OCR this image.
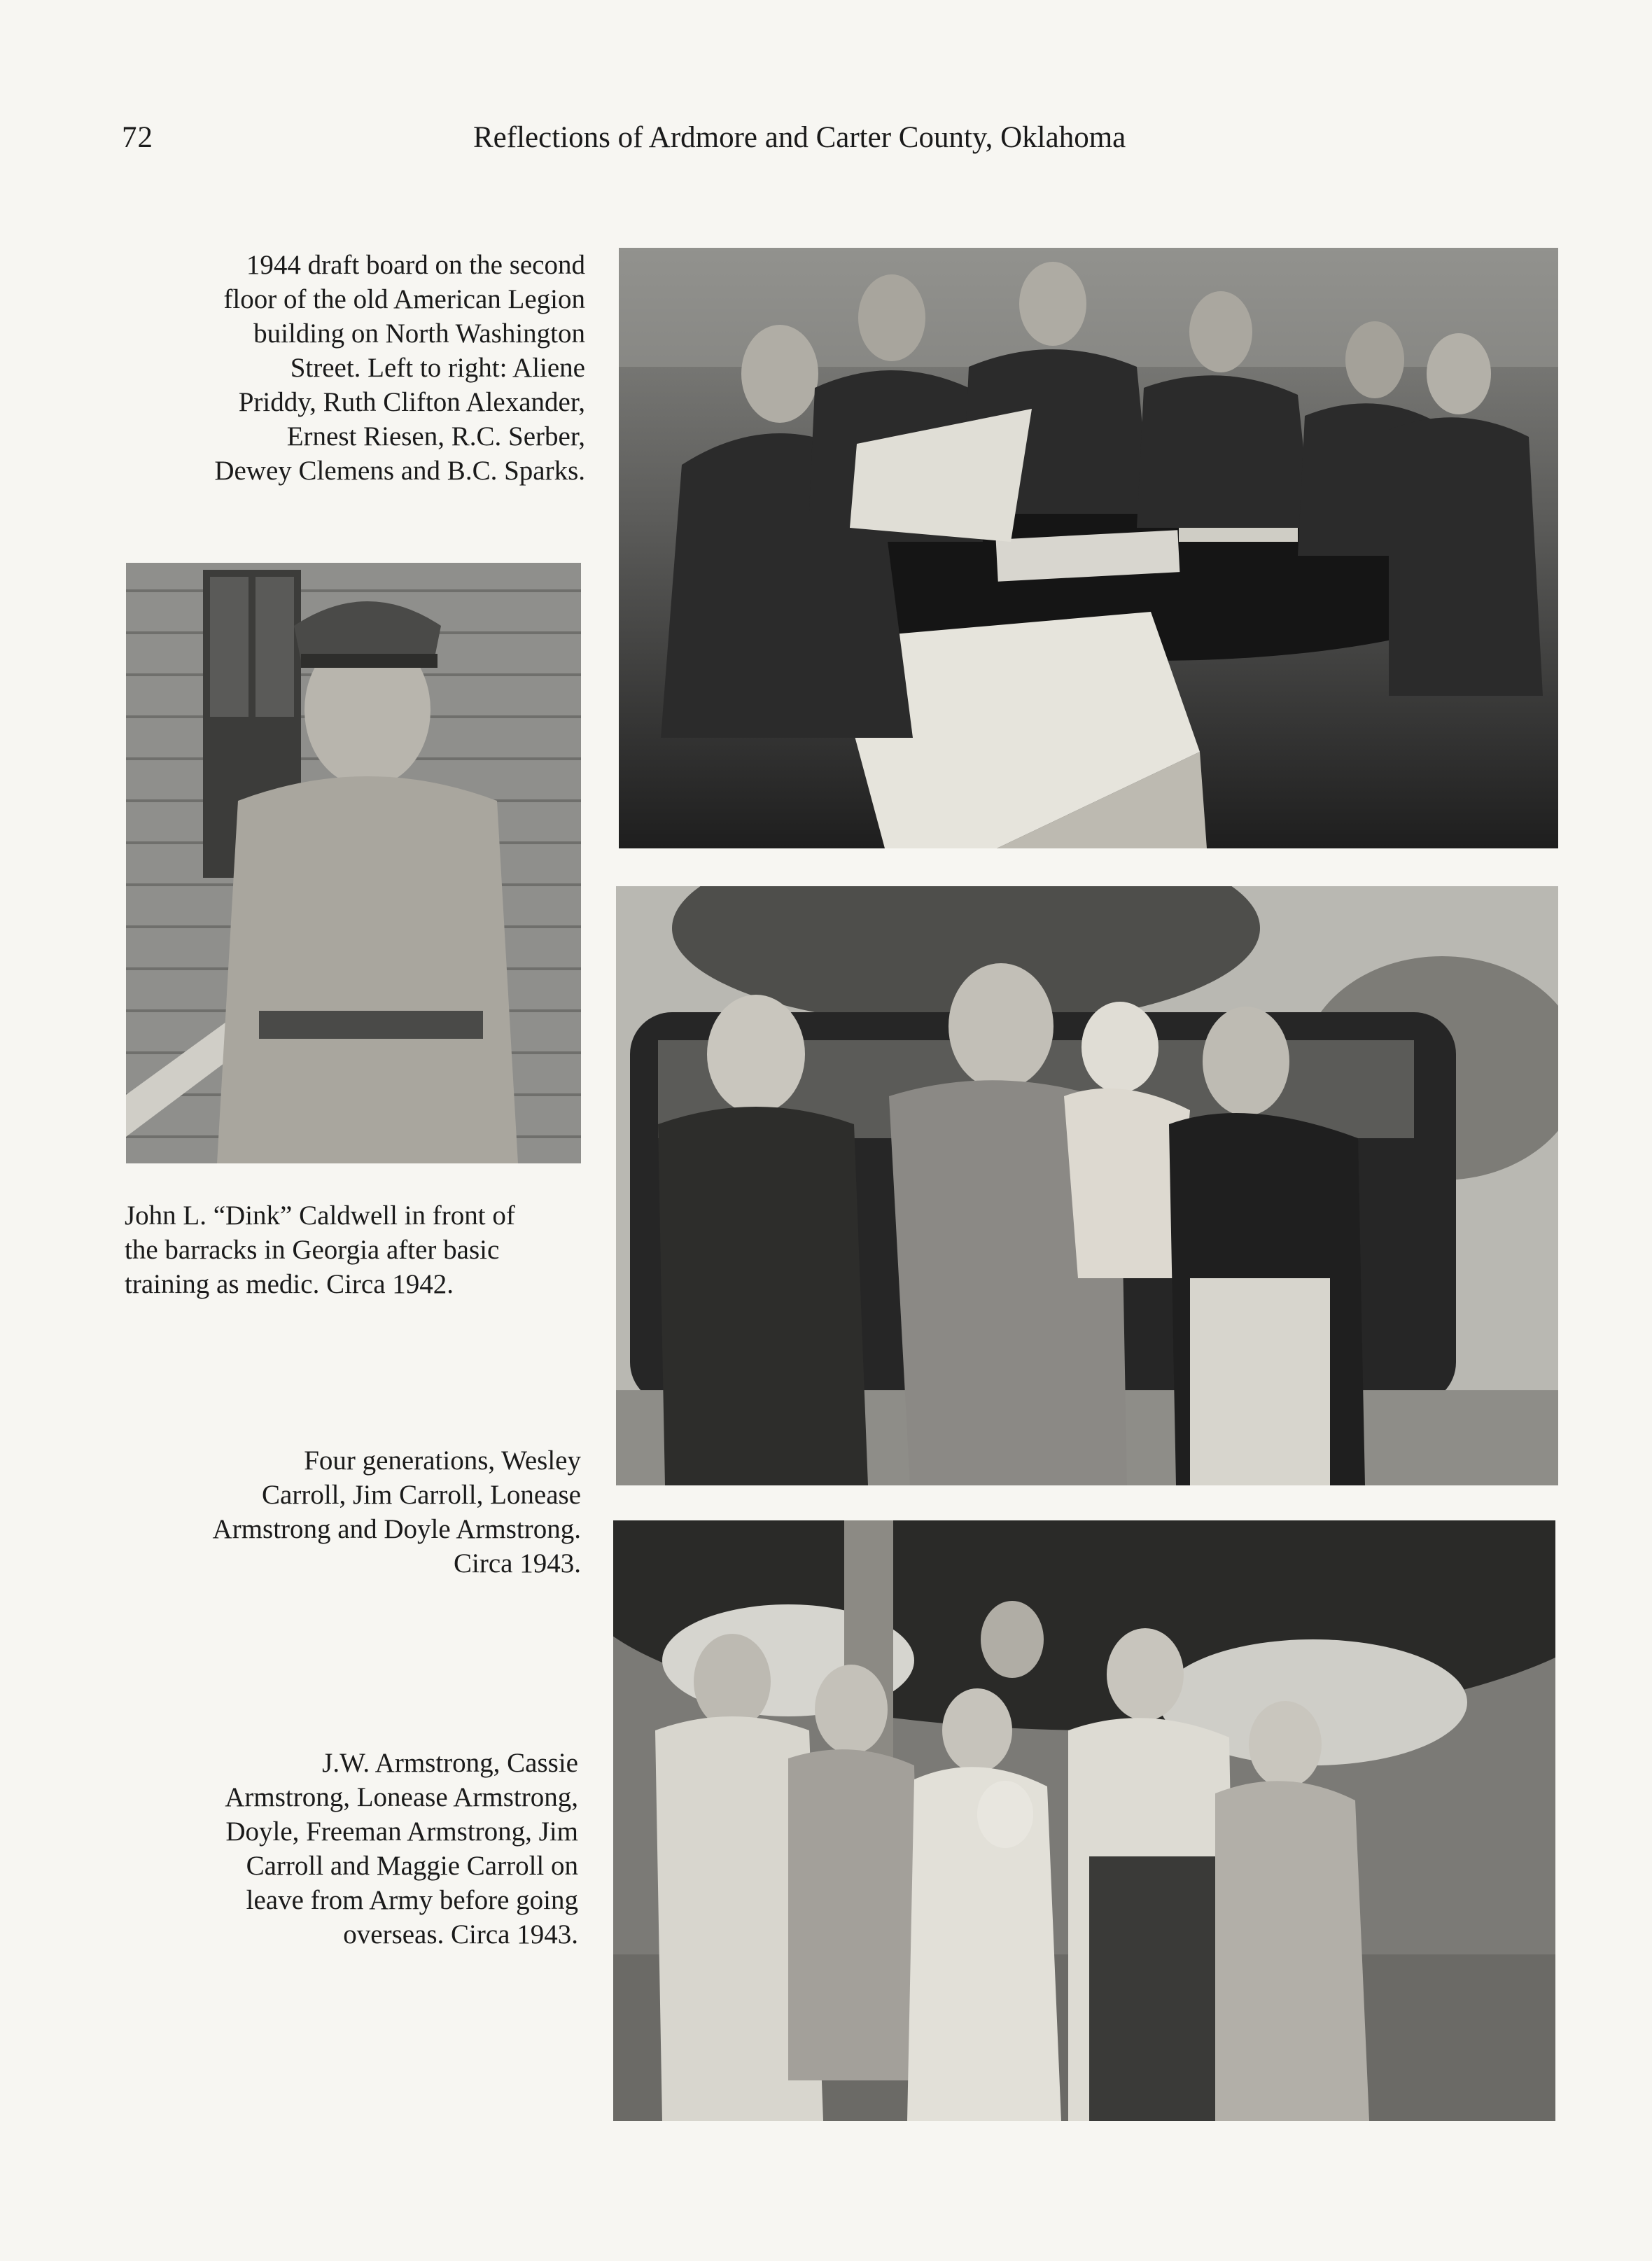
72	Reflections of Ardmore and Carter County, Oklahoma
1944 draft board on the second
floor of the old American Legion
building on North Washington
Street. Left to right: Aliene
Priddy, Ruth Clifton Alexander,
Ernest Riesen, R.C. Serber,
Dewey Clemens and B.C. Sparks.
John L. “Dink” Caldwell in front of
the barracks in Georgia after basic
training as medic. Circa 1942.
Four generations, Wesley
Carroll, Jim Carroll, Lonease
Armstrong and Doyle Armstrong.
Circa 1943.
J.W. Armstrong, Cassie
Armstrong, Lonease Armstrong,
Doyle, Freeman Armstrong, Jim
Carroll and Maggie Carroll on
leave from Army before going
overseas. Circa 1943.
